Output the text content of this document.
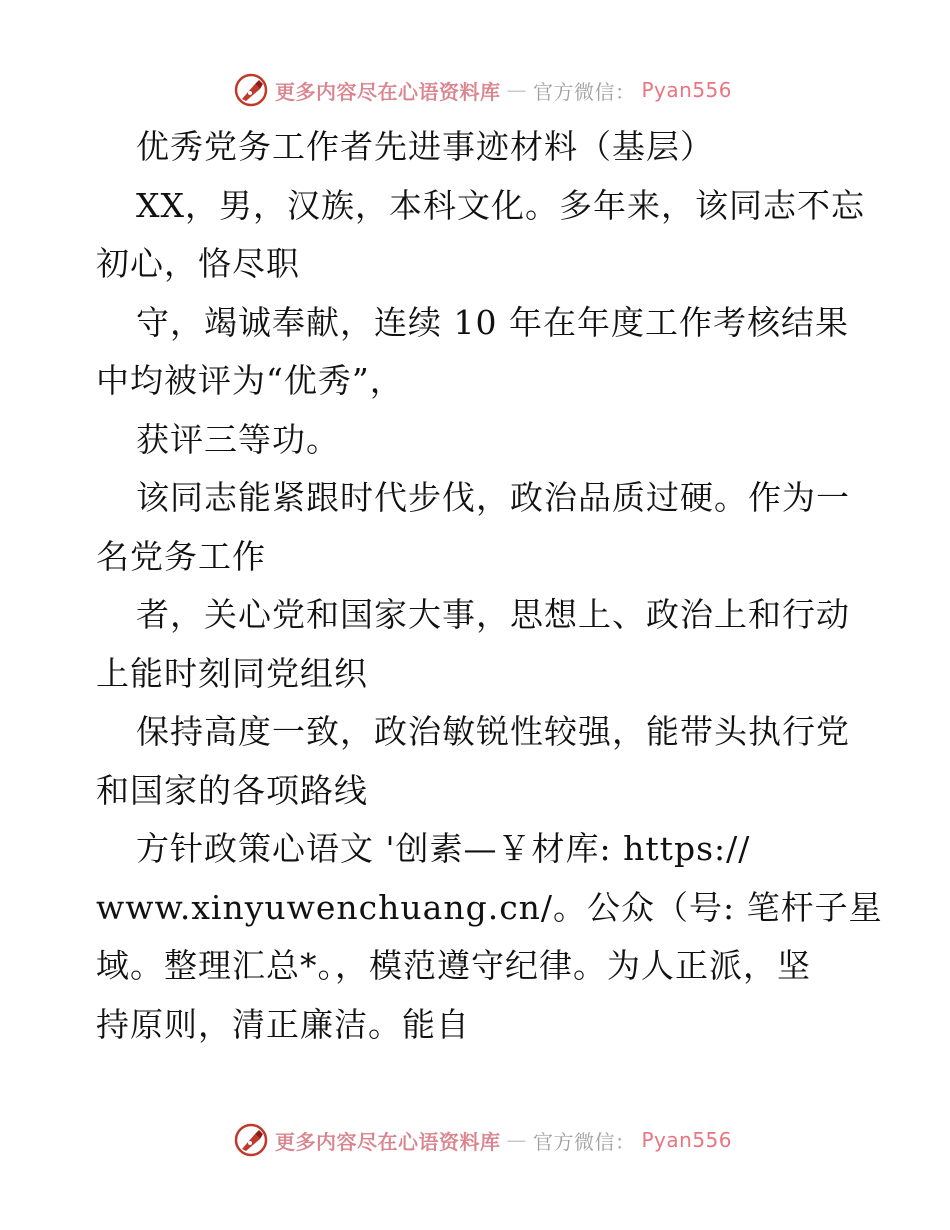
更多内容尽在心语资料库 — 官方微信： Pyan556
优秀党务工作者先进事迹材料（基层）
XX，男，汉族，本科文化。多年来，该同志不忘
初心，恪尽职
守，竭诚奉献，连续 10 年在年度工作考核结果
中均被评为“优秀”，
获评三等功。
该同志能紧跟时代步伐，政治品质过硬。作为一
名党务工作
者，关心党和国家大事，思想上、政治上和行动
上能时刻同党组织
保持高度一致，政治敏锐性较强，能带头执行党
和国家的各项路线
方针政策心语文 '创素—￥材库: https://
www.xinyuwenchuang.cn/。公众（号: 笔杆子星
域。整理汇总*。，模范遵守纪律。为人正派，坚
持原则，清正廉洁。能自
更多内容尽在心语资料库 — 官方微信： Pyan556
